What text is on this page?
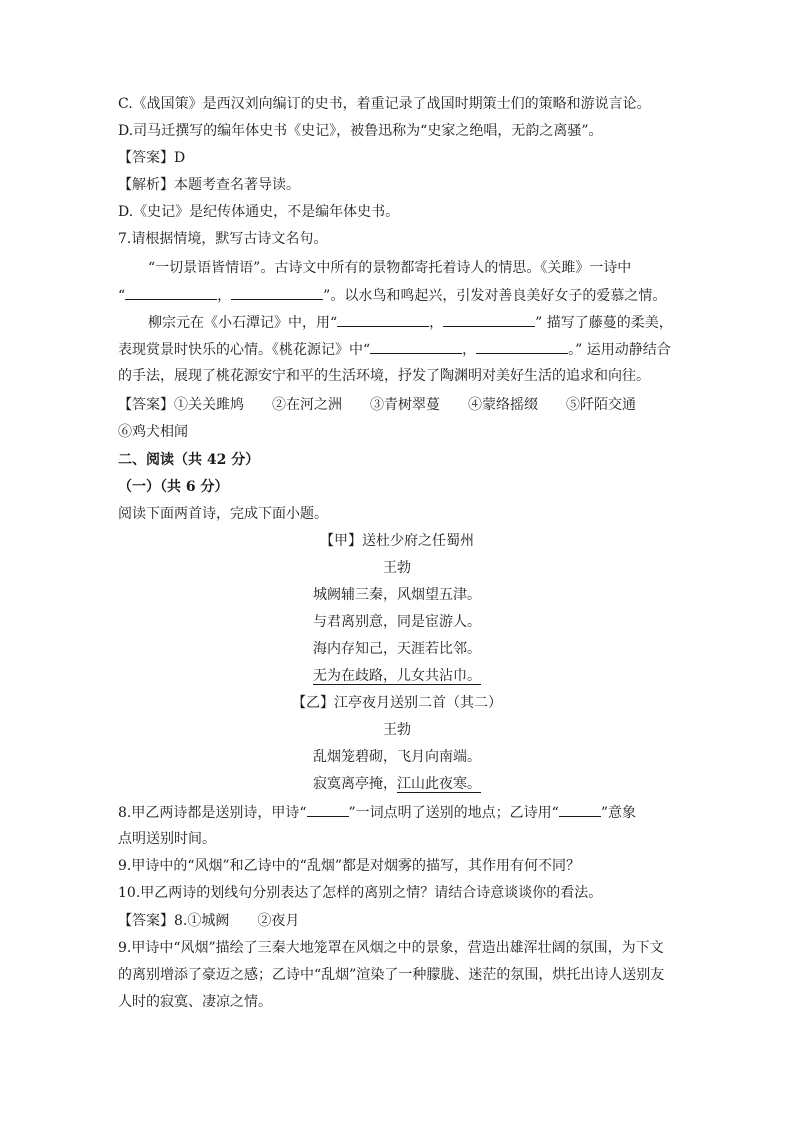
C.《战国策》是西汉刘向编订的史书，着重记录了战国时期策士们的策略和游说言论。
D.司马迁撰写的编年体史书《史记》，被鲁迅称为“史家之绝唱，无韵之离骚”。
【答案】D
【解析】本题考查名著导读。
D.《史记》是纪传体通史，不是编年体史书。
7.请根据情境，默写古诗文名句。
“一切景语皆情语”。古诗文中所有的景物都寄托着诗人的情思。《关雎》一诗中
“	，	”。以水鸟和鸣起兴，引发对善良美好女子的爱慕之情。
柳宗元在《小石潭记》中，用“	，	” 描写了藤蔓的柔美，
表现赏景时快乐的心情。《桃花源记》中“	，	。” 运用动静结合
的手法，展现了桃花源安宁和平的生活环境，抒发了陶渊明对美好生活的追求和向往。
【答案】①关关雎鸠 ②在河之洲 ③青树翠蔓 ④蒙络摇缀 ⑤阡陌交通
⑥鸡犬相闻
二、阅读（共 42 分）
（一）（共 6 分）
阅读下面两首诗，完成下面小题。
【甲】送杜少府之任蜀州
王勃
城阙辅三秦，风烟望五津。
与君离别意，同是宦游人。
海内存知己，天涯若比邻。
无为在歧路，儿女共沾巾。
【乙】江亭夜月送别二首（其二）
王勃
乱烟笼碧砌，飞月向南端。
寂寞离亭掩，江山此夜寒。
8.甲乙两诗都是送别诗，甲诗“	”一词点明了送别的地点；乙诗用“	”意象
点明送别时间。
9.甲诗中的“风烟”和乙诗中的“乱烟”都是对烟雾的描写，其作用有何不同？
10.甲乙两诗的划线句分别表达了怎样的离别之情？请结合诗意谈谈你的看法。
【答案】8.①城阙 ②夜月
9.甲诗中“风烟”描绘了三秦大地笼罩在风烟之中的景象，营造出雄浑壮阔的氛围，为下文
的离别增添了豪迈之感；乙诗中“乱烟”渲染了一种朦胧、迷茫的氛围，烘托出诗人送别友
人时的寂寞、凄凉之情。
